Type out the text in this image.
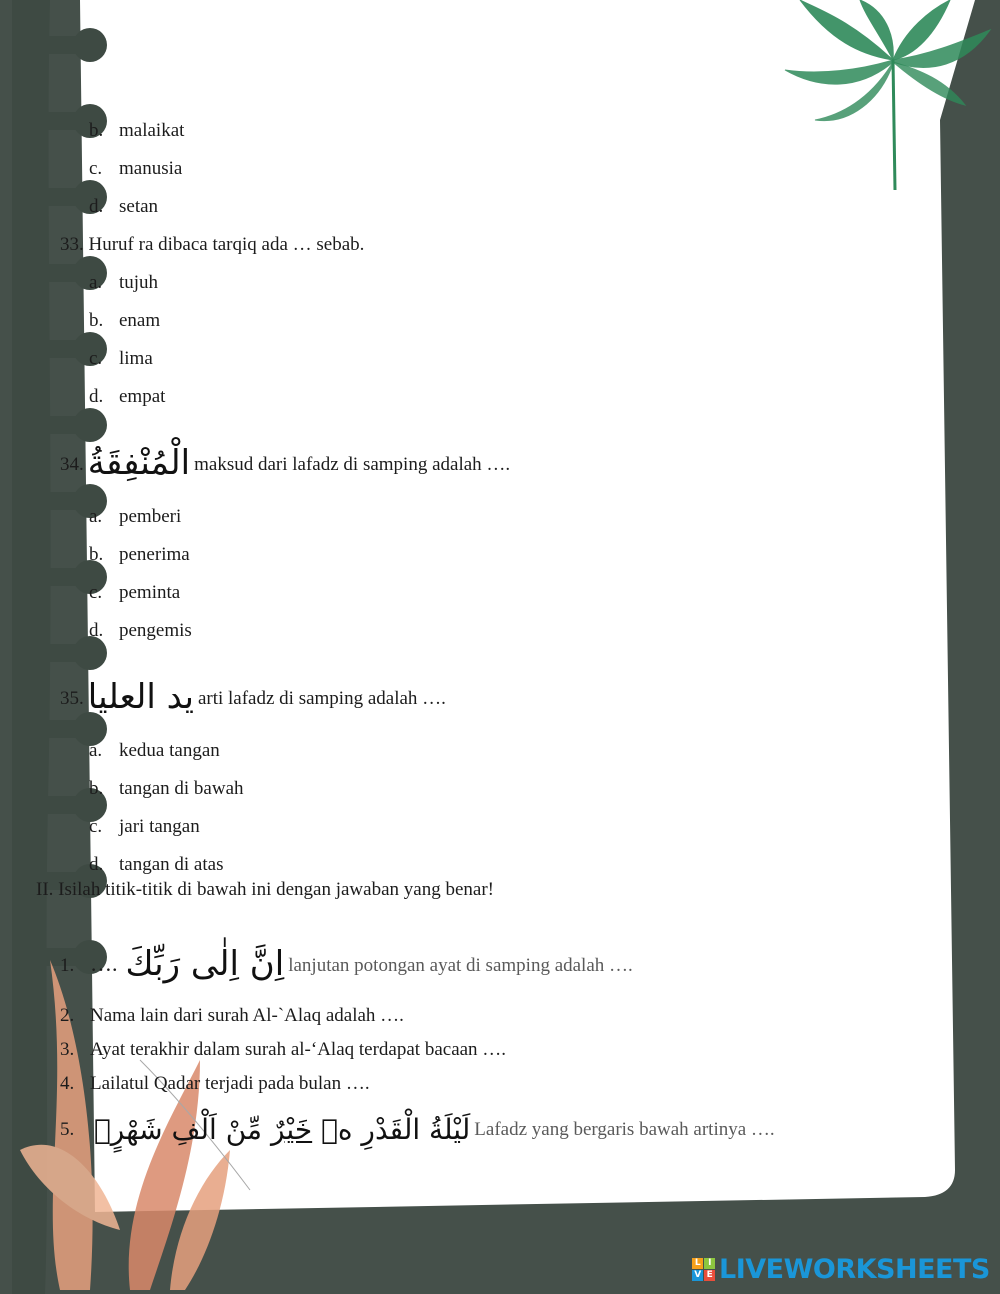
b. malaikat
c. manusia
d. setan
33. Huruf ra dibaca tarqiq ada … sebab.
a. tujuh
b. enam
c. lima
d. empat
34. الْمُنْفِقَةُ maksud dari lafadz di samping adalah ….
a. pemberi
b. penerima
c. peminta
d. pengemis
35. يد العليا arti lafadz di samping adalah ….
a. kedua tangan
b. tangan di bawah
c. jari tangan
d. tangan di atas
II. Isilah titik-titik di bawah ini dengan jawaban yang benar!
1. …. اِنَّ اِلٰى رَبِّكَ lanjutan potongan ayat di samping adalah ….
2. Nama lain dari surah Al-`Alaq adalah ….
3. Ayat terakhir dalam surah al-‘Alaq terdapat bacaan ….
4. Lailatul Qadar terjadi pada bulan ….
5.	لَيْلَةُ الْقَدْرِ ەۙ خَيْرٌ مِّنْ اَلْفِ شَهْرٍۗ	Lafadz yang bergaris bawah artinya ….
L I
V E LIVEWORKSHEETS
